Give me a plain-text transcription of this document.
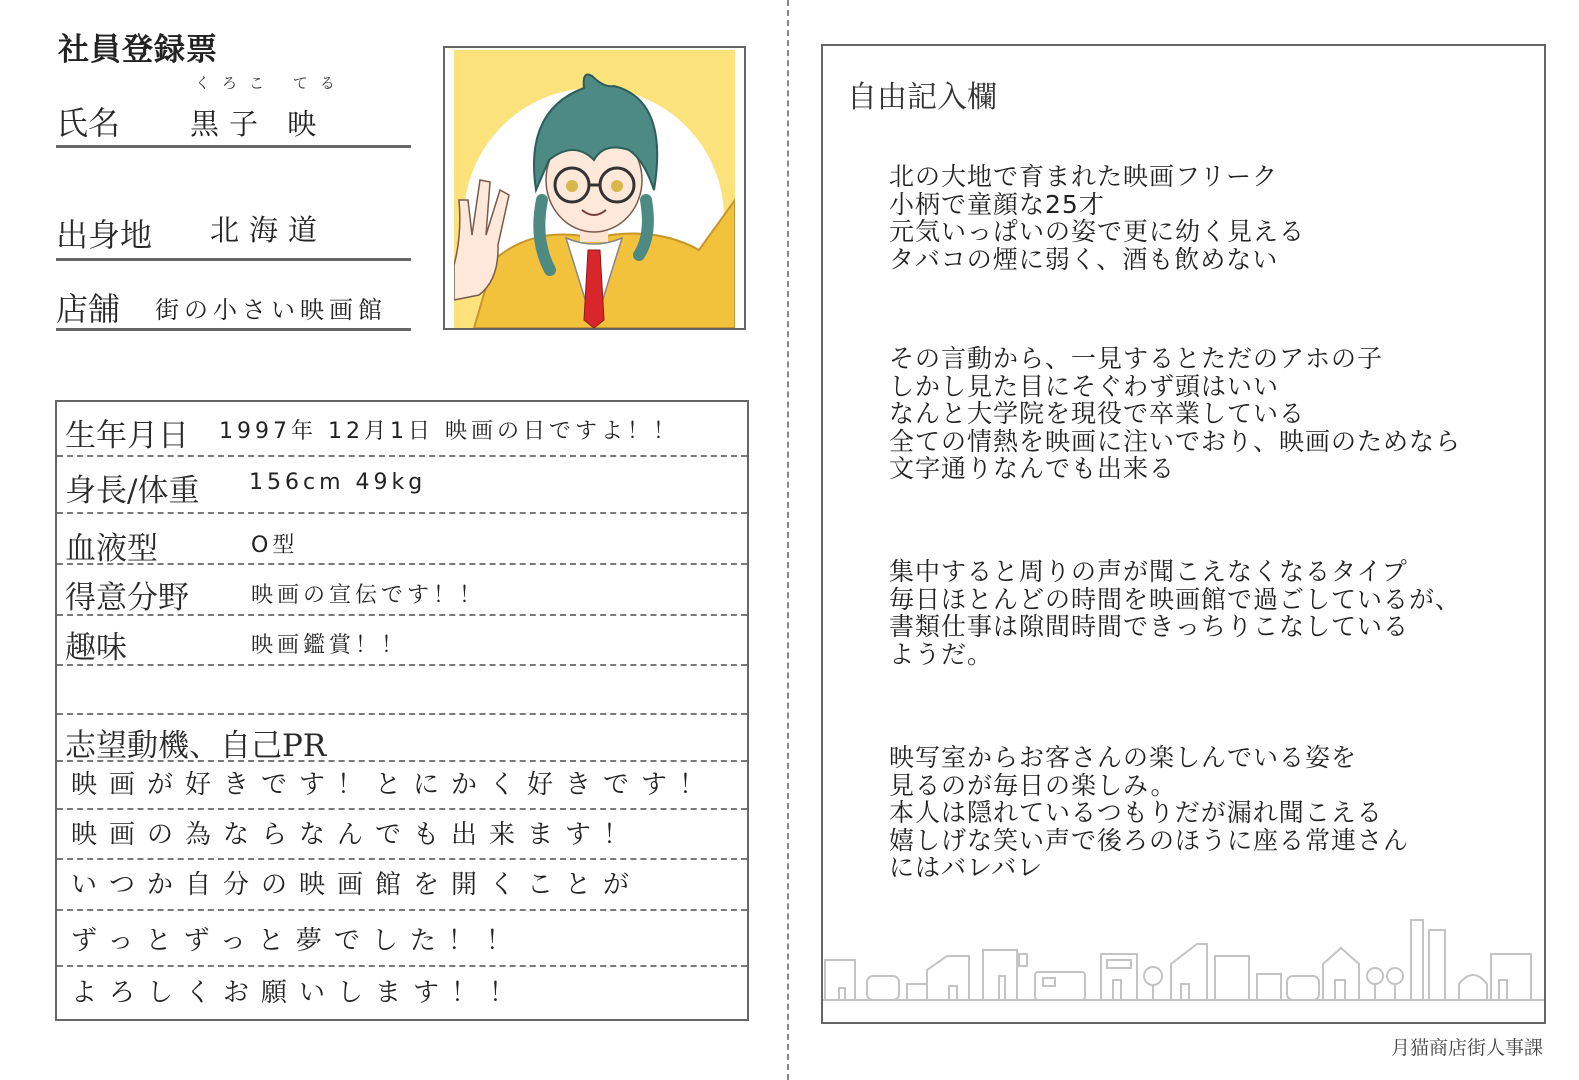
社員登録票
くろこ てる
氏名 黒子 映
出身地 北海道
店舗 街の小さい映画館
生年月日 1997年 12月1日 映画の日ですよ！！
身長/体重 156cm 49kg
血液型	O型
得意分野	映画の宣伝です！！
趣味	映画鑑賞！！
志望動機、自己PR
映画が好きです！とにかく好きです！
映画の為ならなんでも出来ます！
いつか自分の映画館を開くことが
ずっとずっと夢でした！！
よろしくお願いします！！
自由記入欄
北の大地で育まれた映画フリーク
小柄で童顔な25才
元気いっぱいの姿で更に幼く見える
タバコの煙に弱く、酒も飲めない
その言動から、一見するとただのアホの子
しかし見た目にそぐわず頭はいい
なんと大学院を現役で卒業している
全ての情熱を映画に注いでおり、映画のためなら
文字通りなんでも出来る
集中すると周りの声が聞こえなくなるタイプ
毎日ほとんどの時間を映画館で過ごしているが、
書類仕事は隙間時間できっちりこなしている
ようだ。
映写室からお客さんの楽しんでいる姿を
見るのが毎日の楽しみ。
本人は隠れているつもりだが漏れ聞こえる
嬉しげな笑い声で後ろのほうに座る常連さん
にはバレバレ
月猫商店街人事課
